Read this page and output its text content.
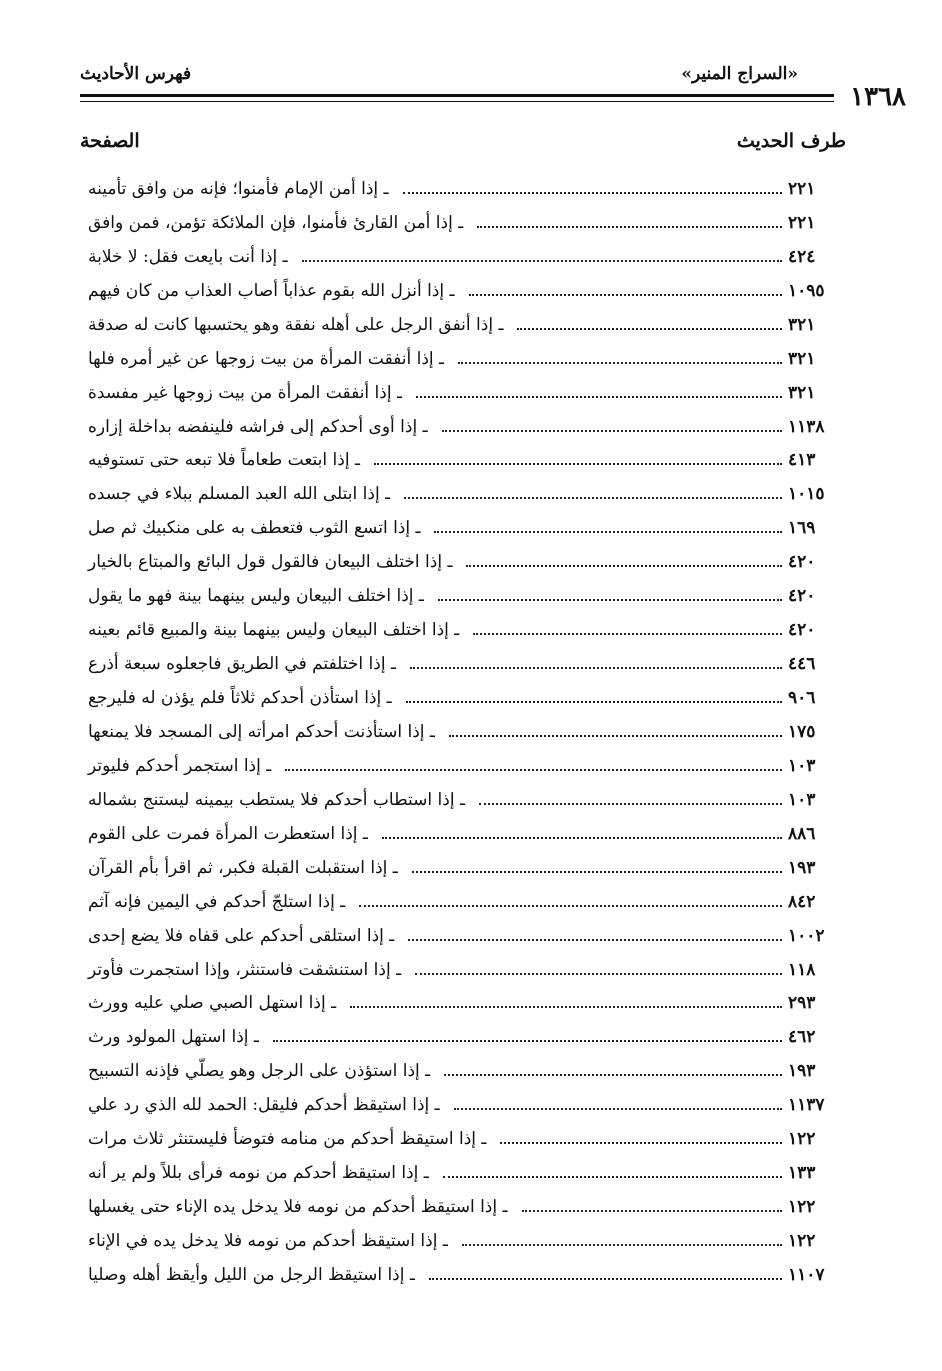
١٣٦٨
«السراج المنير»
فهرس الأحاديث
طرف الحديث
الصفحة
ـ إذا أمن الإمام فأمنوا؛ فإنه من وافق تأمينه	٢٢١
ـ إذا أمن القارئ فأمنوا، فإن الملائكة تؤمن، فمن وافق	٢٢١
ـ إذا أنت بايعت فقل: لا خلابة	٤٢٤
ـ إذا أنزل الله بقوم عذاباً أصاب العذاب من كان فيهم	١٠٩٥
ـ إذا أنفق الرجل على أهله نفقة وهو يحتسبها كانت له صدقة	٣٢١
ـ إذا أنفقت المرأة من بيت زوجها عن غير أمره فلها	٣٢١
ـ إذا أنفقت المرأة من بيت زوجها غير مفسدة	٣٢١
ـ إذا أوى أحدكم إلى فراشه فلينفضه بداخلة إزاره	١١٣٨
ـ إذا ابتعت طعاماً فلا تبعه حتى تستوفيه	٤١٣
ـ إذا ابتلى الله العبد المسلم ببلاء في جسده	١٠١٥
ـ إذا اتسع الثوب فتعطف به على منكبيك ثم صل	١٦٩
ـ إذا اختلف البيعان فالقول قول البائع والمبتاع بالخيار	٤٢٠
ـ إذا اختلف البيعان وليس بينهما بينة فهو ما يقول	٤٢٠
ـ إذا اختلف البيعان وليس بينهما بينة والمبيع قائم بعينه	٤٢٠
ـ إذا اختلفتم في الطريق فاجعلوه سبعة أذرع	٤٤٦
ـ إذا استأذن أحدكم ثلاثاً فلم يؤذن له فليرجع	٩٠٦
ـ إذا استأذنت أحدكم امرأته إلى المسجد فلا يمنعها	١٧٥
ـ إذا استجمر أحدكم فليوتر	١٠٣
ـ إذا استطاب أحدكم فلا يستطب بيمينه ليستنج بشماله	١٠٣
ـ إذا استعطرت المرأة فمرت على القوم	٨٨٦
ـ إذا استقبلت القبلة فكبر، ثم اقرأ بأم القرآن	١٩٣
ـ إذا استلجّ أحدكم في اليمين فإنه آثم	٨٤٢
ـ إذا استلقى أحدكم على قفاه فلا يضع إحدى	١٠٠٢
ـ إذا استنشقت فاستنثر، وإذا استجمرت فأوتر	١١٨
ـ إذا استهل الصبي صلي عليه وورث	٢٩٣
ـ إذا استهل المولود ورث	٤٦٢
ـ إذا استؤذن على الرجل وهو يصلّي فإذنه التسبيح	١٩٣
ـ إذا استيقظ أحدكم فليقل: الحمد لله الذي رد علي	١١٣٧
ـ إذا استيقظ أحدكم من منامه فتوضأ فليستنثر ثلاث مرات	١٢٢
ـ إذا استيقظ أحدكم من نومه فرأى بللاً ولم ير أنه	١٣٣
ـ إذا استيقظ أحدكم من نومه فلا يدخل يده الإناء حتى يغسلها	١٢٢
ـ إذا استيقظ أحدكم من نومه فلا يدخل يده في الإناء	١٢٢
ـ إذا استيقظ الرجل من الليل وأيقظ أهله وصليا	١١٠٧
